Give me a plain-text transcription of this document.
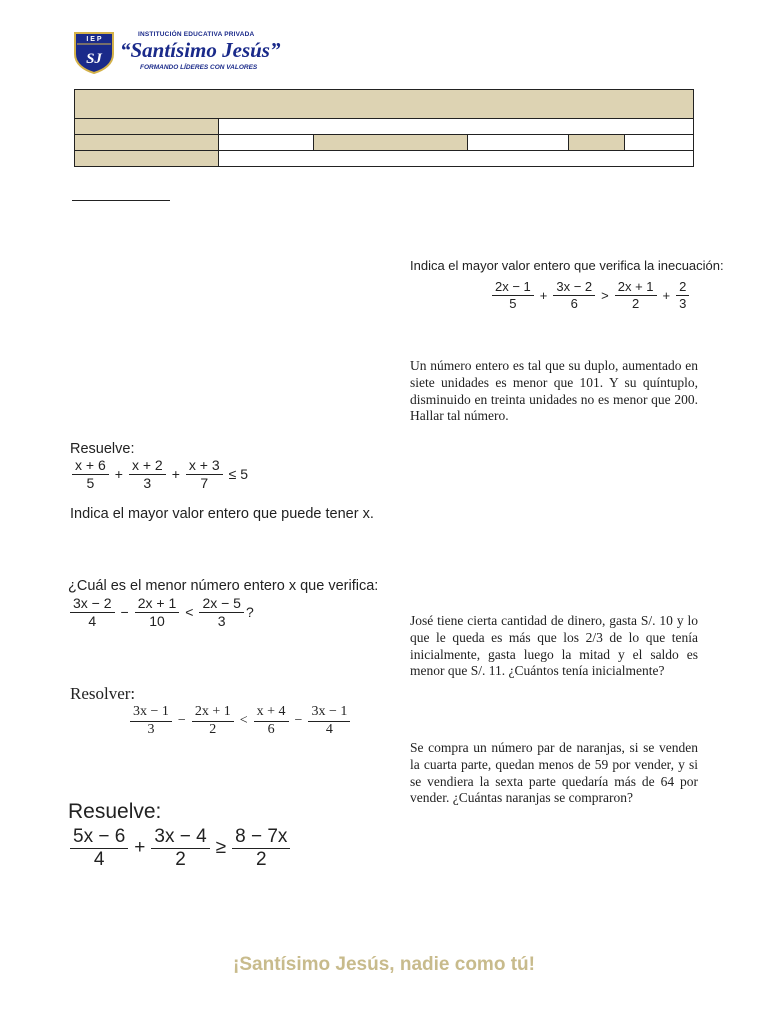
I E P
SJ
INSTITUCIÓN EDUCATIVA PRIVADA
“Santísimo Jesús”
FORMANDO LÍDERES CON VALORES
Indica el mayor valor entero que verifica la inecuación:
$\frac{2x - 1}{5} + \frac{3x - 2}{6} > \frac{2x + 1}{2} + \frac{2}{3}$
Un número entero es tal que su duplo, aumentado en siete unidades es menor que 101. Y su quíntuplo, disminuido en treinta unidades no es menor que 200. Hallar tal número.
Resuelve:
$\frac{x + 6}{5} + \frac{x + 2}{3} + \frac{x + 3}{7} \le 5$
Indica el mayor valor entero que puede tener x.
¿Cuál es el menor número entero x que verifica:
$\frac{3x - 2}{4} - \frac{2x + 1}{10} < \frac{2x - 5}{3}$ ?
José tiene cierta cantidad de dinero, gasta S/. 10 y lo que le queda es más que los 2/3 de lo que tenía inicialmente, gasta luego la mitad y el saldo es menor que S/. 11. ¿Cuántos tenía inicialmente?
Resolver:
$\frac{3x - 1}{3} - \frac{2x + 1}{2} < \frac{x + 4}{6} - \frac{3x - 1}{4}$
Se compra un número par de naranjas, si se venden la cuarta parte, quedan menos de 59 por vender, y si se vendiera la sexta parte quedaría más de 64 por vender. ¿Cuántas naranjas se compraron?
Resuelve:
$\frac{5x - 6}{4} + \frac{3x - 4}{2} \ge \frac{8 - 7x}{2}$
¡Santísimo Jesús, nadie como tú!
